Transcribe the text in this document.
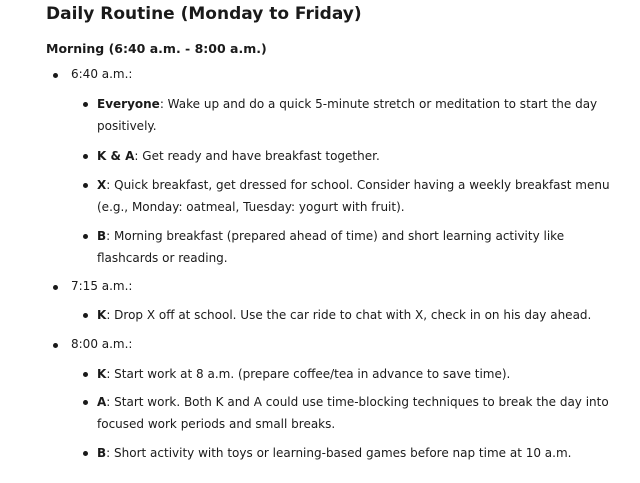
Daily Routine (Monday to Friday)
Morning (6:40 a.m. - 8:00 a.m.)
6:40 a.m.:
Everyone: Wake up and do a quick 5-minute stretch or meditation to start the day positively.
K & A: Get ready and have breakfast together.
X: Quick breakfast, get dressed for school. Consider having a weekly breakfast menu (e.g., Monday: oatmeal, Tuesday: yogurt with fruit).
B: Morning breakfast (prepared ahead of time) and short learning activity like flashcards or reading.
7:15 a.m.:
K: Drop X off at school. Use the car ride to chat with X, check in on his day ahead.
8:00 a.m.:
K: Start work at 8 a.m. (prepare coffee/tea in advance to save time).
A: Start work. Both K and A could use time-blocking techniques to break the day into focused work periods and small breaks.
B: Short activity with toys or learning-based games before nap time at 10 a.m.
